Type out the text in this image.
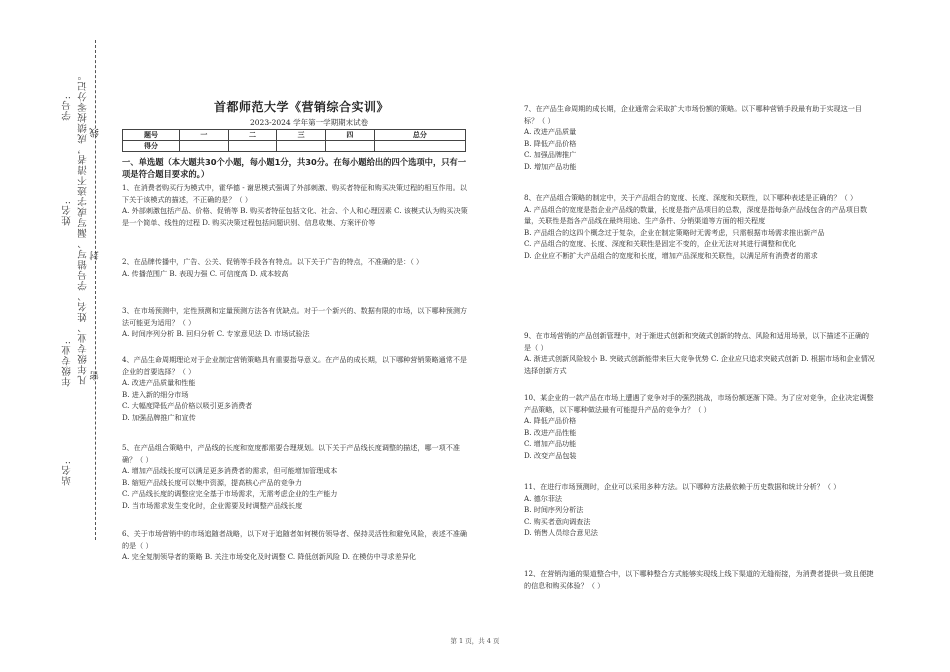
学号:
姓名:
年级专业:
站名:
凡年级专业、姓名、学号错写、漏写或字迹不清者，成绩按零分记。 密
封
线
首都师范大学《营销综合实训》
2023-2024 学年第一学期期末试卷
题号	一	二	三	四	总分
得分					
一、单选题（本大题共30个小题，每小题1分，共30分。在每小题给出的四个选项中，只有一项是符合题目要求的。）

1、在消费者购买行为模式中，霍华德 - 谢思模式强调了外部刺激、购买者特征和购买决策过程的相互作用。以下关于该模式的描述，不正确的是？（ ）

A. 外部刺激包括产品、价格、促销等 B. 购买者特征包括文化、社会、个人和心理因素 C. 该模式认为购买决策是一个简单、线性的过程 D. 购买决策过程包括问题识别、信息收集、方案评价等

2、在品牌传播中，广告、公关、促销等手段各有特点。以下关于广告的特点，不准确的是：（ ）

A. 传播范围广 B. 表现力强 C. 可信度高 D. 成本较高

3、在市场预测中，定性预测和定量预测方法各有优缺点。对于一个新兴的、数据有限的市场，以下哪种预测方法可能更为适用？（ ）

A. 时间序列分析 B. 回归分析 C. 专家意见法 D. 市场试验法

4、产品生命周期理论对于企业制定营销策略具有重要指导意义。在产品的成长期，以下哪种营销策略通常不是企业的首要选择？（ ）

A. 改进产品质量和性能

B. 进入新的细分市场

C. 大幅度降低产品价格以吸引更多消费者

D. 加强品牌推广和宣传

5、在产品组合策略中，产品线的长度和宽度都需要合理规划。以下关于产品线长度调整的描述，哪一项不准确？（ ）

A. 增加产品线长度可以满足更多消费者的需求，但可能增加管理成本

B. 缩短产品线长度可以集中资源，提高核心产品的竞争力

C. 产品线长度的调整应完全基于市场需求，无需考虑企业的生产能力

D. 当市场需求发生变化时，企业需要及时调整产品线长度

6、关于市场营销中的市场追随者战略，以下对于追随者如何模仿领导者、保持灵活性和避免风险，表述不准确的是（ ）

A. 完全复制领导者的策略 B. 关注市场变化及时调整 C. 降低创新风险 D. 在模仿中寻求差异化

7、在产品生命周期的成长期，企业通常会采取扩大市场份额的策略。以下哪种营销手段最有助于实现这一目标？（ ）

A. 改进产品质量

B. 降低产品价格

C. 加强品牌推广

D. 增加产品功能

8、在产品组合策略的制定中，关于产品组合的宽度、长度、深度和关联性，以下哪种表述是正确的？（ ）

A. 产品组合的宽度是指企业产品线的数量，长度是指产品项目的总数，深度是指每条产品线包含的产品项目数量，关联性是指各产品线在最终用途、生产条件、分销渠道等方面的相关程度

B. 产品组合的这四个概念过于复杂，企业在制定策略时无需考虑，只需根据市场需求推出新产品

C. 产品组合的宽度、长度、深度和关联性是固定不变的，企业无法对其进行调整和优化

D. 企业应不断扩大产品组合的宽度和长度，增加产品深度和关联性，以满足所有消费者的需求

9、在市场营销的产品创新管理中，对于渐进式创新和突破式创新的特点、风险和适用场景，以下描述不正确的是（ ）

A. 渐进式创新风险较小 B. 突破式创新能带来巨大竞争优势 C. 企业应只追求突破式创新 D. 根据市场和企业情况选择创新方式

10、某企业的一款产品在市场上遭遇了竞争对手的强烈挑战，市场份额逐渐下降。为了应对竞争，企业决定调整产品策略，以下哪种做法最有可能提升产品的竞争力？（ ）

A. 降低产品价格

B. 改进产品性能

C. 增加产品功能

D. 改变产品包装

11、在进行市场预测时，企业可以采用多种方法。以下哪种方法最依赖于历史数据和统计分析？（ ）

A. 德尔菲法

B. 时间序列分析法

C. 购买者意向调查法

D. 销售人员综合意见法

12、在营销沟通的渠道整合中，以下哪种整合方式能够实现线上线下渠道的无缝衔接，为消费者提供一致且便捷的信息和购买体验？（ ）

第 1 页，共 4 页
